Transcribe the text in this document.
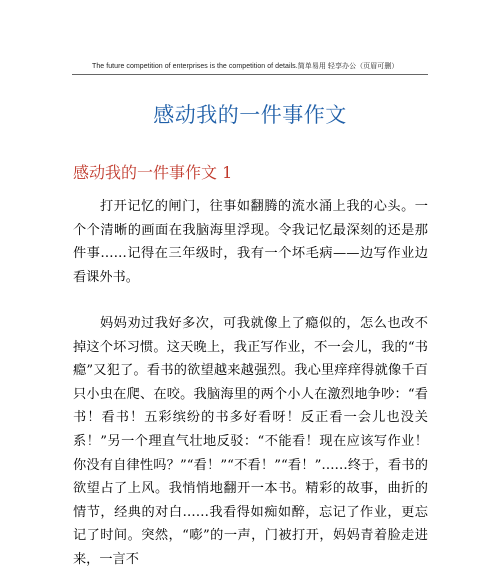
The future competition of enterprises is the competition of details.简单易用 轻享办公（页眉可删）
感动我的一件事作文
感动我的一件事作文 1

打开记忆的闸门，往事如翻腾的流水涌上我的心头。一个个清晰的画面在我脑海里浮现。令我记忆最深刻的还是那件事……记得在三年级时，我有一个坏毛病——边写作业边看课外书。

妈妈劝过我好多次，可我就像上了瘾似的，怎么也改不掉这个坏习惯。这天晚上，我正写作业，不一会儿，我的“书瘾”又犯了。看书的欲望越来越强烈。我心里痒痒得就像千百只小虫在爬、在咬。我脑海里的两个小人在激烈地争吵：“看书！看书！五彩缤纷的书多好看呀！反正看一会儿也没关系！”另一个理直气壮地反驳：“不能看！现在应该写作业！你没有自律性吗？”“看！”“不看！”“看！”……终于，看书的欲望占了上风。我悄悄地翻开一本书。精彩的故事，曲折的情节，经典的对白……我看得如痴如醉，忘记了作业，更忘记了时间。突然，“嘭”的一声，门被打开，妈妈青着脸走进来，一言不
